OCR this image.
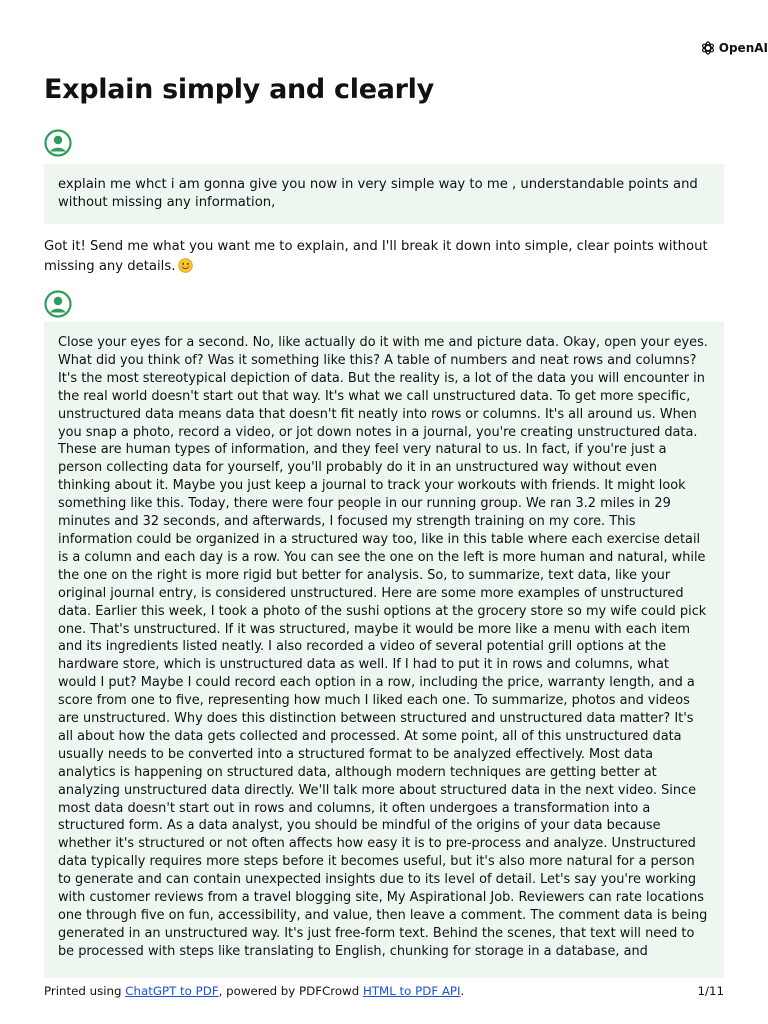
OpenAI
Explain simply and clearly
explain me whct i am gonna give you now in very simple way to me , understandable points and without missing any information,
Got it! Send me what you want me to explain, and I'll break it down into simple, clear points without missing any details.
Close your eyes for a second. No, like actually do it with me and picture data. Okay, open your eyes. What did you think of? Was it something like this? A table of numbers and neat rows and columns? It's the most stereotypical depiction of data. But the reality is, a lot of the data you will encounter in the real world doesn't start out that way. It's what we call unstructured data. To get more specific, unstructured data means data that doesn't fit neatly into rows or columns. It's all around us. When you snap a photo, record a video, or jot down notes in a journal, you're creating unstructured data. These are human types of information, and they feel very natural to us. In fact, if you're just a person collecting data for yourself, you'll probably do it in an unstructured way without even thinking about it. Maybe you just keep a journal to track your workouts with friends. It might look something like this. Today, there were four people in our running group. We ran 3.2 miles in 29 minutes and 32 seconds, and afterwards, I focused my strength training on my core. This information could be organized in a structured way too, like in this table where each exercise detail is a column and each day is a row. You can see the one on the left is more human and natural, while the one on the right is more rigid but better for analysis. So, to summarize, text data, like your original journal entry, is considered unstructured. Here are some more examples of unstructured data. Earlier this week, I took a photo of the sushi options at the grocery store so my wife could pick one. That's unstructured. If it was structured, maybe it would be more like a menu with each item and its ingredients listed neatly. I also recorded a video of several potential grill options at the hardware store, which is unstructured data as well. If I had to put it in rows and columns, what would I put? Maybe I could record each option in a row, including the price, warranty length, and a score from one to five, representing how much I liked each one. To summarize, photos and videos are unstructured. Why does this distinction between structured and unstructured data matter? It's all about how the data gets collected and processed. At some point, all of this unstructured data usually needs to be converted into a structured format to be analyzed effectively. Most data analytics is happening on structured data, although modern techniques are getting better at analyzing unstructured data directly. We'll talk more about structured data in the next video. Since most data doesn't start out in rows and columns, it often undergoes a transformation into a structured form. As a data analyst, you should be mindful of the origins of your data because whether it's structured or not often affects how easy it is to pre-process and analyze. Unstructured data typically requires more steps before it becomes useful, but it's also more natural for a person to generate and can contain unexpected insights due to its level of detail. Let's say you're working with customer reviews from a travel blogging site, My Aspirational Job. Reviewers can rate locations one through five on fun, accessibility, and value, then leave a comment. The comment data is being generated in an unstructured way. It's just free-form text. Behind the scenes, that text will need to be processed with steps like translating to English, chunking for storage in a database, and
Printed using ChatGPT to PDF, powered by PDFCrowd HTML to PDF API.	1/11
